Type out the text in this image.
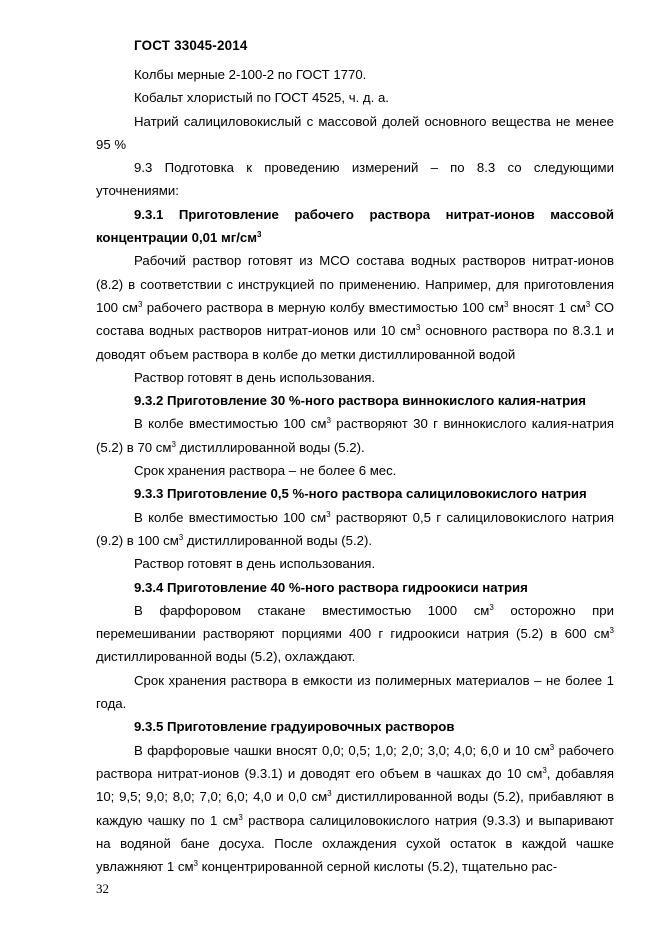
ГОСТ 33045-2014

Колбы мерные 2-100-2 по ГОСТ 1770.

Кобальт хлористый по ГОСТ 4525, ч. д. а.

Натрий салициловокислый с массовой долей основного вещества не менее 95 %

9.3 Подготовка к проведению измерений – по 8.3 со следующими уточнениями:

9.3.1 Приготовление рабочего раствора нитрат-ионов массовой концентрации 0,01 $мг/см^3$

Рабочий раствор готовят из МСО состава водных растворов нитрат-ионов (8.2) в соответствии с инструкцией по применению. Например, для приготовления 100 $см^3$ рабочего раствора в мерную колбу вместимостью 100 $см^3$ вносят 1 $см^3$ СО состава водных растворов нитрат-ионов или 10 $см^3$ основного раствора по 8.3.1 и доводят объем раствора в колбе до метки дистиллированной водой

Раствор готовят в день использования.

9.3.2 Приготовление 30 %-ного раствора виннокислого калия-натрия

В колбе вместимостью 100 $см^3$ растворяют 30 г виннокислого калия-натрия (5.2) в 70 $см^3$ дистиллированной воды (5.2).

Срок хранения раствора – не более 6 мес.

9.3.3 Приготовление 0,5 %-ного раствора салициловокислого натрия

В колбе вместимостью 100 $см^3$ растворяют 0,5 г салициловокислого натрия (9.2) в 100 $см^3$ дистиллированной воды (5.2).

Раствор готовят в день использования.

9.3.4 Приготовление 40 %-ного раствора гидроокиси натрия

В фарфоровом стакане вместимостью 1000 $см^3$ осторожно при перемешивании растворяют порциями 400 г гидроокиси натрия (5.2) в 600 $см^3$ дистиллированной воды (5.2), охлаждают.

Срок хранения раствора в емкости из полимерных материалов – не более 1 года.

9.3.5 Приготовление градуировочных растворов

В фарфоровые чашки вносят 0,0; 0,5; 1,0; 2,0; 3,0; 4,0; 6,0 и 10 $см^3$ рабочего раствора нитрат-ионов (9.3.1) и доводят его объем в чашках до 10 $см^3$, добавляя 10; 9,5; 9,0; 8,0; 7,0; 6,0; 4,0 и 0,0 $см^3$ дистиллированной воды (5.2), прибавляют в каждую чашку по 1 $см^3$ раствора салициловокислого натрия (9.3.3) и выпаривают на водяной бане досуха. После охлаждения сухой остаток в каждой чашке увлажняют 1 $см^3$ концентрированной серной кислоты (5.2), тщательно рас-

32
